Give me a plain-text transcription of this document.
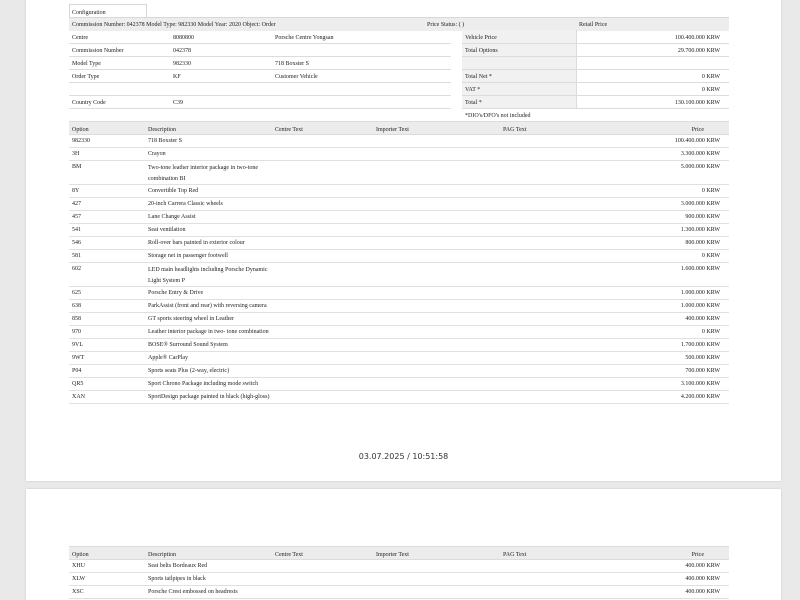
Configuration
Commission Number: 042378 Model Type: 982330 Model Year: 2020 Object: Order	Price Status: ( )	Retail Price
Centre	8080800	Porsche Centre Yongsan
Commission Number	042378
Model Type	982330	718 Boxster S
Order Type	KF	Customer Vehicle
Country Code	C39
Vehicle Price	100.400.000 KRW
Total Options	29.700.000 KRW
Total Net *	0 KRW
VAT *	0 KRW
Total *	130.100.000 KRW
*DIO's/DFO's not included
Option	Description	Centre Text	Importer Text	PAG Text	Price
982330	718 Boxster S	100.400.000 KRW
3H	Crayon	3.300.000 KRW
BM	Two-tone leather interior package in two-tone combination BI
5.000.000 KRW
8Y	Convertible Top Red	0 KRW
427	20-inch Carrera Classic wheels	3.000.000 KRW
457	Lane Change Assist	900.000 KRW
541	Seat ventilation	1.300.000 KRW
546	Roll-over bars painted in exterior colour	800.000 KRW
581	Storage net in passenger footwell	0 KRW
602	LED main headlights including Porsche Dynamic Light System P
1.600.000 KRW
625	Porsche Entry & Drive	1.000.000 KRW
638	ParkAssist (front and rear) with reversing camera	1.000.000 KRW
858	GT sports steering wheel in Leather	400.000 KRW
970	Leather interior package in two- tone combination	0 KRW
9VL	BOSE® Surround Sound System	1.700.000 KRW
9WT	Apple® CarPlay	500.000 KRW
P04	Sports seats Plus (2-way, electric)	700.000 KRW
QR5	Sport Chrono Package including mode switch	3.100.000 KRW
XAN	SportDesign package painted in black (high-gloss)	4.200.000 KRW
03.07.2025 / 10:51:58
Option	Description	Centre Text	Importer Text	PAG Text	Price
XHU	Seat belts Bordeaux Red	400.000 KRW
XLW	Sports tailpipes in black	400.000 KRW
XSC	Porsche Crest embossed on headrests	400.000 KRW
